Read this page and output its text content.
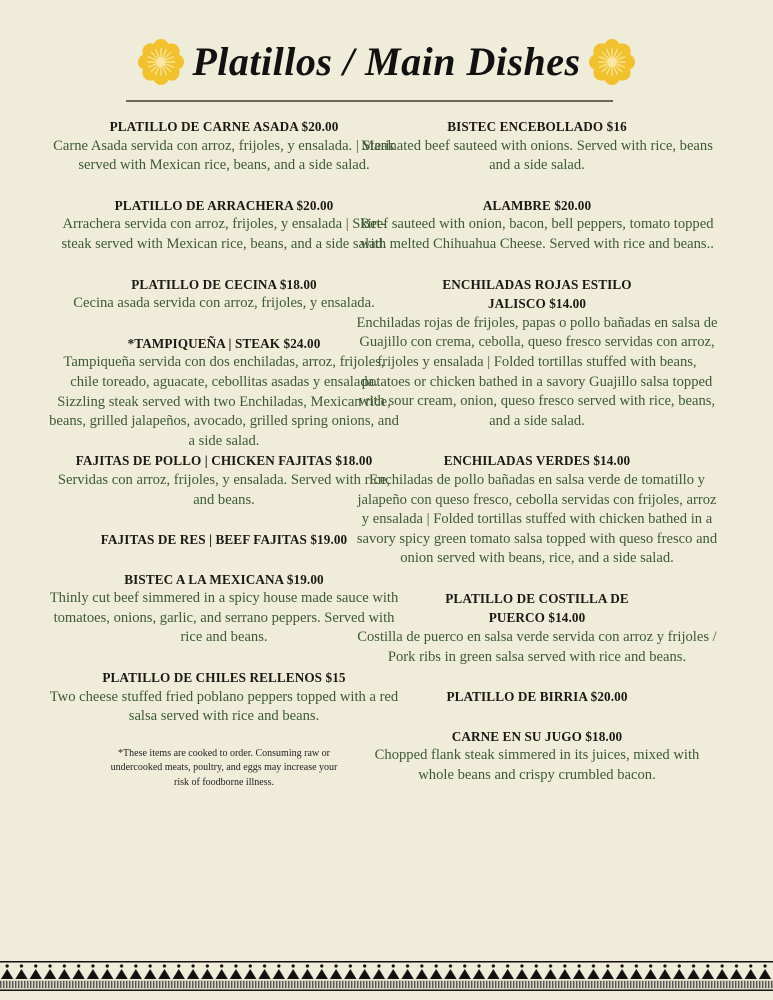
Platillos / Main Dishes
PLATILLO DE CARNE ASADA $20.00
Carne Asada servida con arroz, frijoles, y ensalada. | Steak served with Mexican rice, beans, and a side salad.
PLATILLO DE ARRACHERA $20.00
Arrachera servida con arroz, frijoles, y ensalada | Skirt-steak served with Mexican rice, beans, and a side salad.
PLATILLO DE CECINA $18.00
Cecina asada servida con arroz, frijoles, y ensalada.
*TAMPIQUEÑA | STEAK $24.00
Tampiqueña servida con dos enchiladas, arroz, frijoles, chile toreado, aguacate, cebollitas asadas y ensalada.
Sizzling steak served with two Enchiladas, Mexican rice, beans, grilled jalapeños, avocado, grilled spring onions, and a side salad.
FAJITAS DE POLLO | CHICKEN FAJITAS $18.00
Servidas con arroz, frijoles, y ensalada. Served with rice, and beans.
FAJITAS DE RES | BEEF FAJITAS $19.00
BISTEC A LA MEXICANA $19.00
Thinly cut beef simmered in a spicy house made sauce with tomatoes, onions, garlic, and serrano peppers. Served with rice and beans.
PLATILLO DE CHILES RELLENOS $15
Two cheese stuffed fried poblano peppers topped with a red salsa served with rice and beans.
*These items are cooked to order. Consuming raw or undercooked meats, poultry, and eggs may increase your risk of foodborne illness.
BISTEC ENCEBOLLADO $16
Marinated beef sauteed with onions. Served with rice, beans and a side salad.
ALAMBRE $20.00
Beef sauteed with onion, bacon, bell peppers, tomato topped with melted Chihuahua Cheese. Served with rice and beans..
ENCHILADAS ROJAS ESTILO JALISCO $14.00
Enchiladas rojas de frijoles, papas o pollo bañadas en salsa de Guajillo con crema, cebolla, queso fresco servidas con arroz, frijoles y ensalada | Folded tortillas stuffed with beans, potatoes or chicken bathed in a savory Guajillo salsa topped with sour cream, onion, queso fresco served with rice, beans, and a side salad.
ENCHILADAS VERDES $14.00
Enchiladas de pollo bañadas en salsa verde de tomatillo y jalapeño con queso fresco, cebolla servidas con frijoles, arroz y ensalada | Folded tortillas stuffed with chicken bathed in a savory spicy green tomato salsa topped with queso fresco and onion served with beans, rice, and a side salad.
PLATILLO DE COSTILLA DE PUERCO $14.00
Costilla de puerco en salsa verde servida con arroz y frijoles / Pork ribs in green salsa served with rice and beans.
PLATILLO DE BIRRIA $20.00
CARNE EN SU JUGO $18.00
Chopped flank steak simmered in its juices, mixed with whole beans and crispy crumbled bacon.
